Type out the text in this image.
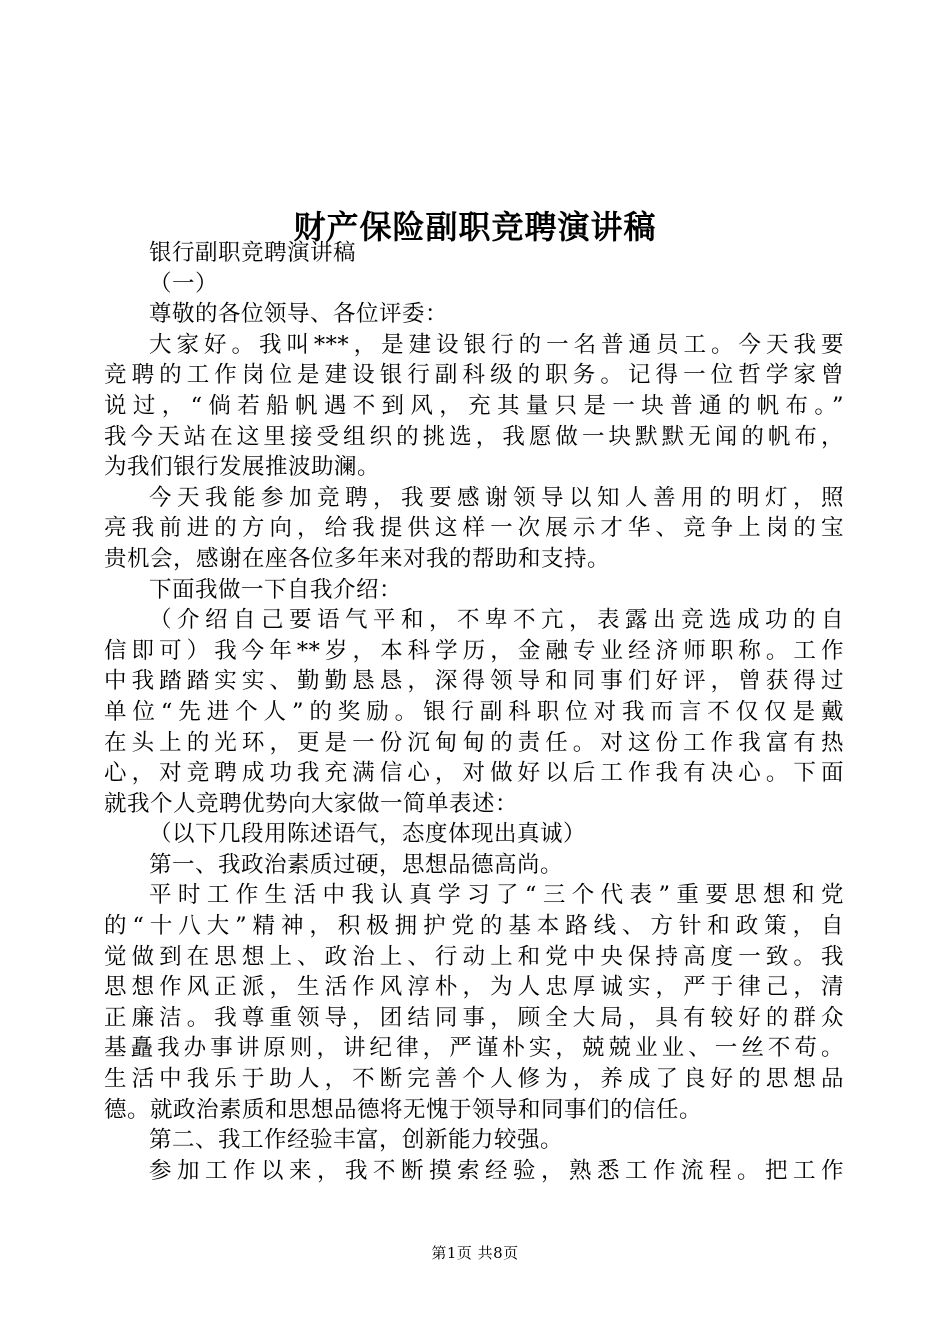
财产保险副职竞聘演讲稿

银行副职竞聘演讲稿

（一）

尊敬的各位领导、各位评委：

大家好。我叫***，是建设银行的一名普通员工。今天我要
竞聘的工作岗位是建设银行副科级的职务。记得一位哲学家曾
说过，“倘若船帆遇不到风，充其量只是一块普通的帆布。”
我今天站在这里接受组织的挑选，我愿做一块默默无闻的帆布，
为我们银行发展推波助澜。

今天我能参加竞聘，我要感谢领导以知人善用的明灯，照
亮我前进的方向，给我提供这样一次展示才华、竞争上岗的宝
贵机会，感谢在座各位多年来对我的帮助和支持。

下面我做一下自我介绍：

（介绍自己要语气平和，不卑不亢，表露出竞选成功的自
信即可）我今年**岁，本科学历，金融专业经济师职称。工作
中我踏踏实实、勤勤恳恳，深得领导和同事们好评，曾获得过
单位“先进个人”的奖励。银行副科职位对我而言不仅仅是戴
在头上的光环，更是一份沉甸甸的责任。对这份工作我富有热
心，对竞聘成功我充满信心，对做好以后工作我有决心。下面
就我个人竞聘优势向大家做一简单表述：

（以下几段用陈述语气，态度体现出真诚）

第一、我政治素质过硬，思想品德高尚。

平时工作生活中我认真学习了“三个代表”重要思想和党
的“十八大”精神，积极拥护党的基本路线、方针和政策，自
觉做到在思想上、政治上、行动上和党中央保持高度一致。我
思想作风正派，生活作风淳朴，为人忠厚诚实，严于律己，清
正廉洁。我尊重领导，团结同事，顾全大局，具有较好的群众
基矗我办事讲原则，讲纪律，严谨朴实，兢兢业业、一丝不苟。
生活中我乐于助人，不断完善个人修为，养成了良好的思想品
德。就政治素质和思想品德将无愧于领导和同事们的信任。

第二、我工作经验丰富，创新能力较强。

参加工作以来，我不断摸索经验，熟悉工作流程。把工作

第1页 共8页
